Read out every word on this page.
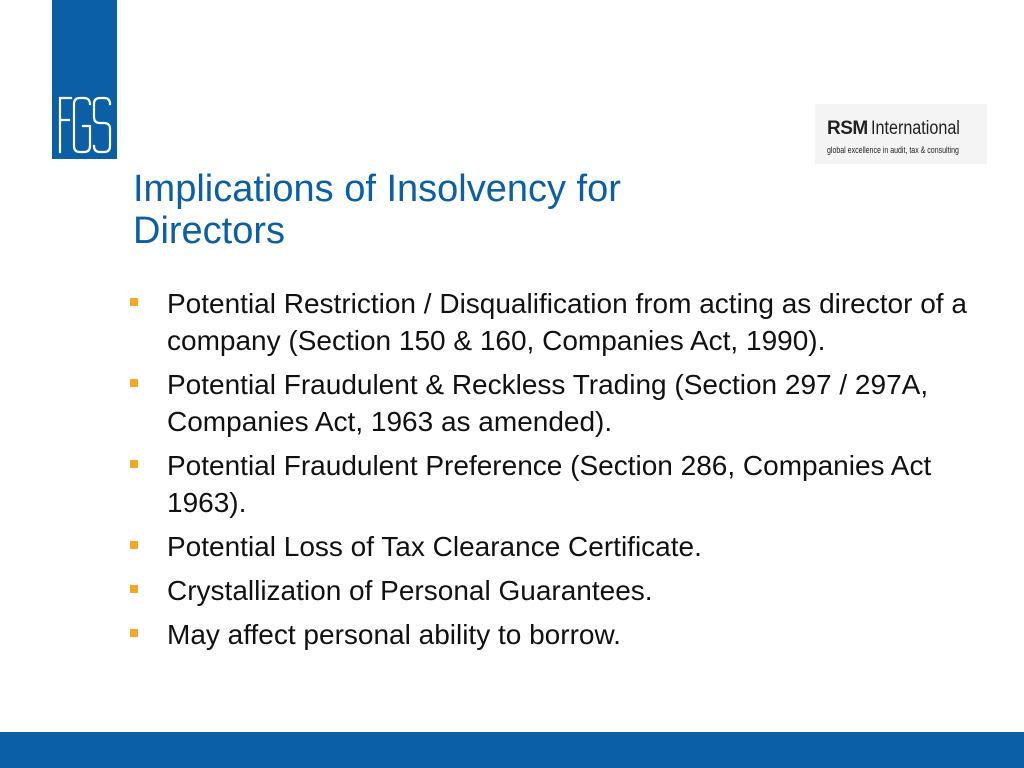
RSM International
global excellence in audit, tax & consulting
Implications of Insolvency for Directors
Potential Restriction / Disqualification from acting as director of a company (Section 150 & 160, Companies Act, 1990).
Potential Fraudulent & Reckless Trading (Section 297 / 297A, Companies Act, 1963 as amended).
Potential Fraudulent Preference (Section 286, Companies Act 1963).
Potential Loss of Tax Clearance Certificate.
Crystallization of Personal Guarantees.
May affect personal ability to borrow.
